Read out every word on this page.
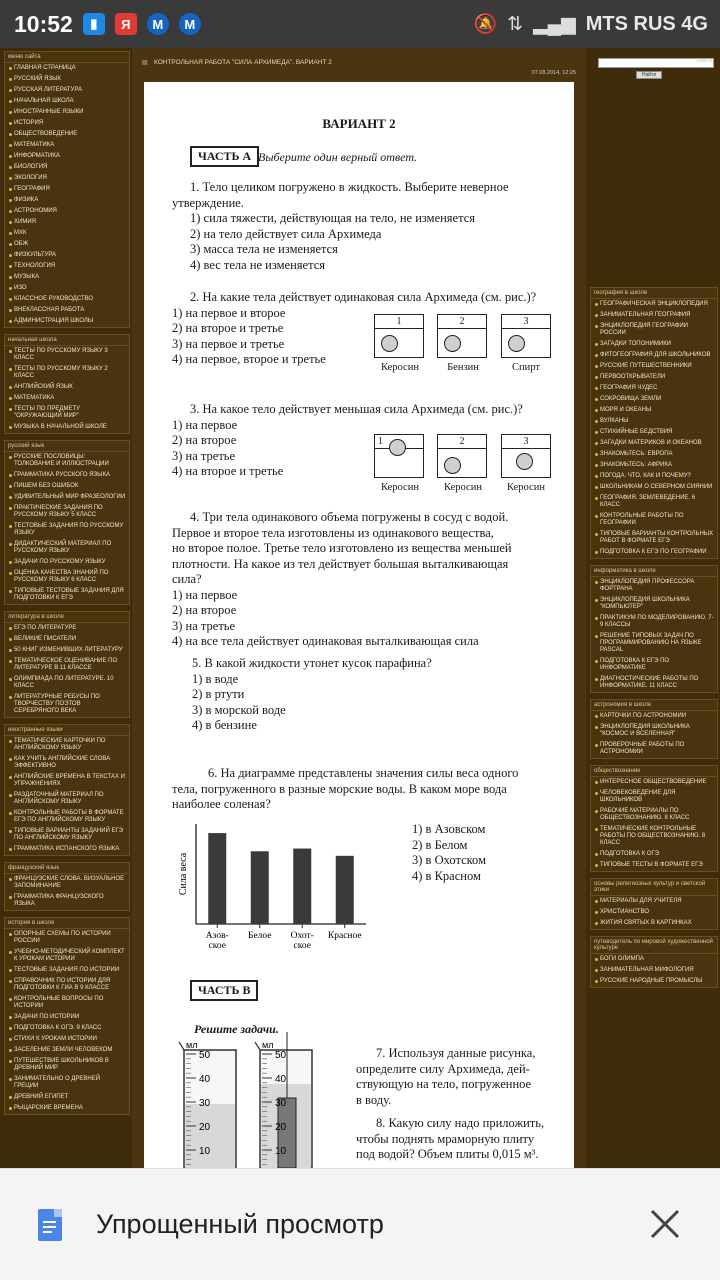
10:52	▮	Я	M	M	🔕 ⇅ ▂▄▆ MTS RUS 4G
меню сайта
ГЛАВНАЯ СТРАНИЦА
РУССКИЙ ЯЗЫК
РУССКАЯ ЛИТЕРАТУРА
НАЧАЛЬНАЯ ШКОЛА
ИНОСТРАННЫЕ ЯЗЫКИ
ИСТОРИЯ
ОБЩЕСТВОВЕДЕНИЕ
МАТЕМАТИКА
ИНФОРМАТИКА
БИОЛОГИЯ
ЭКОЛОГИЯ
ГЕОГРАФИЯ
ФИЗИКА
АСТРОНОМИЯ
ХИМИЯ
МХК
ОБЖ
ФИЗКУЛЬТУРА
ТЕХНОЛОГИЯ
МУЗЫКА
ИЗО
КЛАССНОЕ РУКОВОДСТВО
ВНЕКЛАССНАЯ РАБОТА
АДМИНИСТРАЦИЯ ШКОЛЫ
начальная школа
ТЕСТЫ ПО РУССКОМУ ЯЗЫКУ 3 КЛАСС
ТЕСТЫ ПО РУССКОМУ ЯЗЫКУ 2 КЛАСС
АНГЛИЙСКИЙ ЯЗЫК
МАТЕМАТИКА
ТЕСТЫ ПО ПРЕДМЕТУ "ОКРУЖАЮЩИЙ МИР"
МУЗЫКА В НАЧАЛЬНОЙ ШКОЛЕ
русский язык
РУССКИЕ ПОСЛОВИЦЫ: ТОЛКОВАНИЕ И ИЛЛЮСТРАЦИИ
ГРАММАТИКА РУССКОГО ЯЗЫКА
ПИШЕМ БЕЗ ОШИБОК
УДИВИТЕЛЬНЫЙ МИР ФРАЗЕОЛОГИИ
ПРАКТИЧЕСКИЕ ЗАДАНИЯ ПО РУССКОМУ ЯЗЫКУ 5 КЛАСС
ТЕСТОВЫЕ ЗАДАНИЯ ПО РУССКОМУ ЯЗЫКУ
ДИДАКТИЧЕСКИЙ МАТЕРИАЛ ПО РУССКОМУ ЯЗЫКУ
ЗАДАЧИ ПО РУССКОМУ ЯЗЫКУ
ОЦЕНКА КАЧЕСТВА ЗНАНИЙ ПО РУССКОМУ ЯЗЫКУ 6 КЛАСС
ТИПОВЫЕ ТЕСТОВЫЕ ЗАДАНИЯ ДЛЯ ПОДГОТОВКИ К ЕГЭ
литература в школе
ЕГЭ ПО ЛИТЕРАТУРЕ
ВЕЛИКИЕ ПИСАТЕЛИ
50 КНИГ ИЗМЕНИВШИХ ЛИТЕРАТУРУ
ТЕМАТИЧЕСКОЕ ОЦЕНИВАНИЕ ПО ЛИТЕРАТУРЕ В 11 КЛАССЕ
ОЛИМПИАДА ПО ЛИТЕРАТУРЕ. 10 КЛАСС
ЛИТЕРАТУРНЫЕ РЕБУСЫ ПО ТВОРЧЕСТВУ ПОЭТОВ СЕРЕБРЯНОГО ВЕКА
иностранные языки
ТЕМАТИЧЕСКИЕ КАРТОЧКИ ПО АНГЛИЙСКОМУ ЯЗЫКУ
КАК УЧИТЬ АНГЛИЙСКИЕ СЛОВА ЭФФЕКТИВНО
АНГЛИЙСКИЕ ВРЕМЕНА В ТЕКСТАХ И УПРАЖНЕНИЯХ
РАЗДАТОЧНЫЙ МАТЕРИАЛ ПО АНГЛИЙСКОМУ ЯЗЫКУ
КОНТРОЛЬНЫЕ РАБОТЫ В ФОРМАТЕ ЕГЭ ПО АНГЛИЙСКОМУ ЯЗЫКУ
ТИПОВЫЕ ВАРИАНТЫ ЗАДАНИЙ ЕГЭ ПО АНГЛИЙСКОМУ ЯЗЫКУ
ГРАММАТИКА ИСПАНСКОГО ЯЗЫКА
французский язык
ФРАНЦУЗСКИЕ СЛОВА. ВИЗУАЛЬНОЕ ЗАПОМИНАНИЕ
ГРАММАТИКА ФРАНЦУЗСКОГО ЯЗЫКА
история в школе
ОПОРНЫЕ СХЕМЫ ПО ИСТОРИИ РОССИИ
УЧЕБНО-МЕТОДИЧЕСКИЙ КОМПЛЕКТ К УРОКАМ ИСТОРИИ
ТЕСТОВЫЕ ЗАДАНИЯ ПО ИСТОРИИ
СПРАВОЧНИК ПО ИСТОРИИ ДЛЯ ПОДГОТОВКИ К ГИА В 9 КЛАССЕ
КОНТРОЛЬНЫЕ ВОПРОСЫ ПО ИСТОРИИ
ЗАДАЧИ ПО ИСТОРИИ
ПОДГОТОВКА К ОГЭ. 9 КЛАСС
СТИХИ К УРОКАМ ИСТОРИИ
ЗАСЕЛЕНИЕ ЗЕМЛИ ЧЕЛОВЕКОМ
ПУТЕШЕСТВИЕ ШКОЛЬНИКОВ В ДРЕВНИЙ МИР
ЗАНИМАТЕЛЬНО О ДРЕВНЕЙ ГРЕЦИИ
ДРЕВНИЙ ЕГИПЕТ
РЫЦАРСКИЕ ВРЕМЕНА
▤ КОНТРОЛЬНАЯ РАБОТА "СИЛА АРХИМЕДА". ВАРИАНТ 2
07.08.2014, 12:25
ВАРИАНТ 2
ЧАСТЬ А Выберите один верный ответ.
1. Тело целиком погружено в жидкость. Выберите неверное
утверждение.
1) сила тяжести, действующая на тело, не изменяется
2) на тело действует сила Архимеда
3) масса тела не изменяется
4) вес тела не изменяется
2. На какие тела действует одинаковая сила Архимеда (см. рис.)?
1) на первое и второе
2) на второе и третье
3) на первое и третье
4) на первое, второе и третье
1	2	3
Керосин	Бензин	Спирт
3. На какое тело действует меньшая сила Архимеда (см. рис.)?
1) на первое
2) на второе
3) на третье
4) на второе и третье
1	2	3
Керосин	Керосин	Керосин
4. Три тела одинакового объема погружены в сосуд с водой.
Первое и второе тела изготовлены из одинакового вещества,
но второе полое. Третье тело изготовлено из вещества меньшей
плотности. На какое из тел действует большая выталкивающая
сила?
1) на первое
2) на второе
3) на третье
4) на все тела действует одинаковая выталкивающая сила
5. В какой жидкости утонет кусок парафина?
1) в воде
2) в ртути
3) в морской воде
4) в бензине
6. На диаграмме представлены значения силы веса одного
тела, погруженного в разные морские воды. В каком море вода
наиболее соленая?
Сила веса
Азов-
ское
Белое Охот-
ское
Красное
1) в Азовском
2) в Белом
3) в Охотском
4) в Красном
ЧАСТЬ В
Решите задачи.
50
40
30
20
10
50
40
30
20
10
мл	мл
7. Используя данные рисунка,
определите силу Архимеда, дей-
ствующую на тело, погруженное
в воду.
8. Какую силу надо приложить,
чтобы поднять мраморную плиту
под водой? Объем плиты 0,015 м³.
поиск
Найти
география в школе
ГЕОГРАФИЧЕСКАЯ ЭНЦИКЛОПЕДИЯ
ЗАНИМАТЕЛЬНАЯ ГЕОГРАФИЯ
ЭНЦИКЛОПЕДИЯ ГЕОГРАФИИ РОССИИ
ЗАГАДКИ ТОПОНИМИКИ
ФИТОГЕОГРАФИЯ ДЛЯ ШКОЛЬНИКОВ
РУССКИЕ ПУТЕШЕСТВЕННИКИ
ПЕРВООТКРЫВАТЕЛИ
ГЕОГРАФИЯ ЧУДЕС
СОКРОВИЩА ЗЕМЛИ
МОРЯ И ОКЕАНЫ
ВУЛКАНЫ
СТИХИЙНЫЕ БЕДСТВИЯ
ЗАГАДКИ МАТЕРИКОВ И ОКЕАНОВ
ЗНАКОМЬТЕСЬ: ЕВРОПА
ЗНАКОМЬТЕСЬ: АФРИКА
ПОГОДА. ЧТО, КАК И ПОЧЕМУ?
ШКОЛЬНИКАМ О СЕВЕРНОМ СИЯНИИ
ГЕОГРАФИЯ. ЗЕМЛЕВЕДЕНИЕ. 6 КЛАСС
КОНТРОЛЬНЫЕ РАБОТЫ ПО ГЕОГРАФИИ
ТИПОВЫЕ ВАРИАНТЫ КОНТРОЛЬНЫХ РАБОТ В ФОРМАТЕ ЕГЭ
ПОДГОТОВКА К ЕГЭ ПО ГЕОГРАФИИ
информатика в школе
ЭНЦИКЛОПЕДИЯ ПРОФЕССОРА ФОРТРАНА
ЭНЦИКЛОПЕДИЯ ШКОЛЬНИКА "КОМПЬЮТЕР"
ПРАКТИКУМ ПО МОДЕЛИРОВАНИЮ. 7-9 КЛАССЫ
РЕШЕНИЕ ТИПОВЫХ ЗАДАЧ ПО ПРОГРАММИРОВАНИЮ НА ЯЗЫКЕ PASCAL
ПОДГОТОВКА К ЕГЭ ПО ИНФОРМАТИКЕ
ДИАГНОСТИЧЕСКИЕ РАБОТЫ ПО ИНФОРМАТИКЕ. 11 КЛАСС
астрономия в школе
КАРТОЧКИ ПО АСТРОНОМИИ
ЭНЦИКЛОПЕДИЯ ШКОЛЬНИКА "КОСМОС И ВСЕЛЕННАЯ"
ПРОВЕРОЧНЫЕ РАБОТЫ ПО АСТРОНОМИИ
обществознание
ИНТЕРЕСНОЕ ОБЩЕСТВОВЕДЕНИЕ
ЧЕЛОВЕКОВЕДЕНИЕ ДЛЯ ШКОЛЬНИКОВ
РАБОЧИЕ МАТЕРИАЛЫ ПО ОБЩЕСТВОЗНАНИЮ. 8 КЛАСС
ТЕМАТИЧЕСКИЕ КОНТРОЛЬНЫЕ РАБОТЫ ПО ОБЩЕСТВОЗНАНИЮ. 8 КЛАСС
ПОДГОТОВКА К ОГЭ
ТИПОВЫЕ ТЕСТЫ В ФОРМАТЕ ЕГЭ
основы религиозных культур и светской этики
МАТЕРИАЛЫ ДЛЯ УЧИТЕЛЯ
ХРИСТИАНСТВО
ЖИТИЯ СВЯТЫХ В КАРТИНКАХ
путеводитель по мировой художественной культуре
БОГИ ОЛИМПА
ЗАНИМАТЕЛЬНАЯ МИФОЛОГИЯ
РУССКИЕ НАРОДНЫЕ ПРОМЫСЛЫ
Упрощенный просмотр
